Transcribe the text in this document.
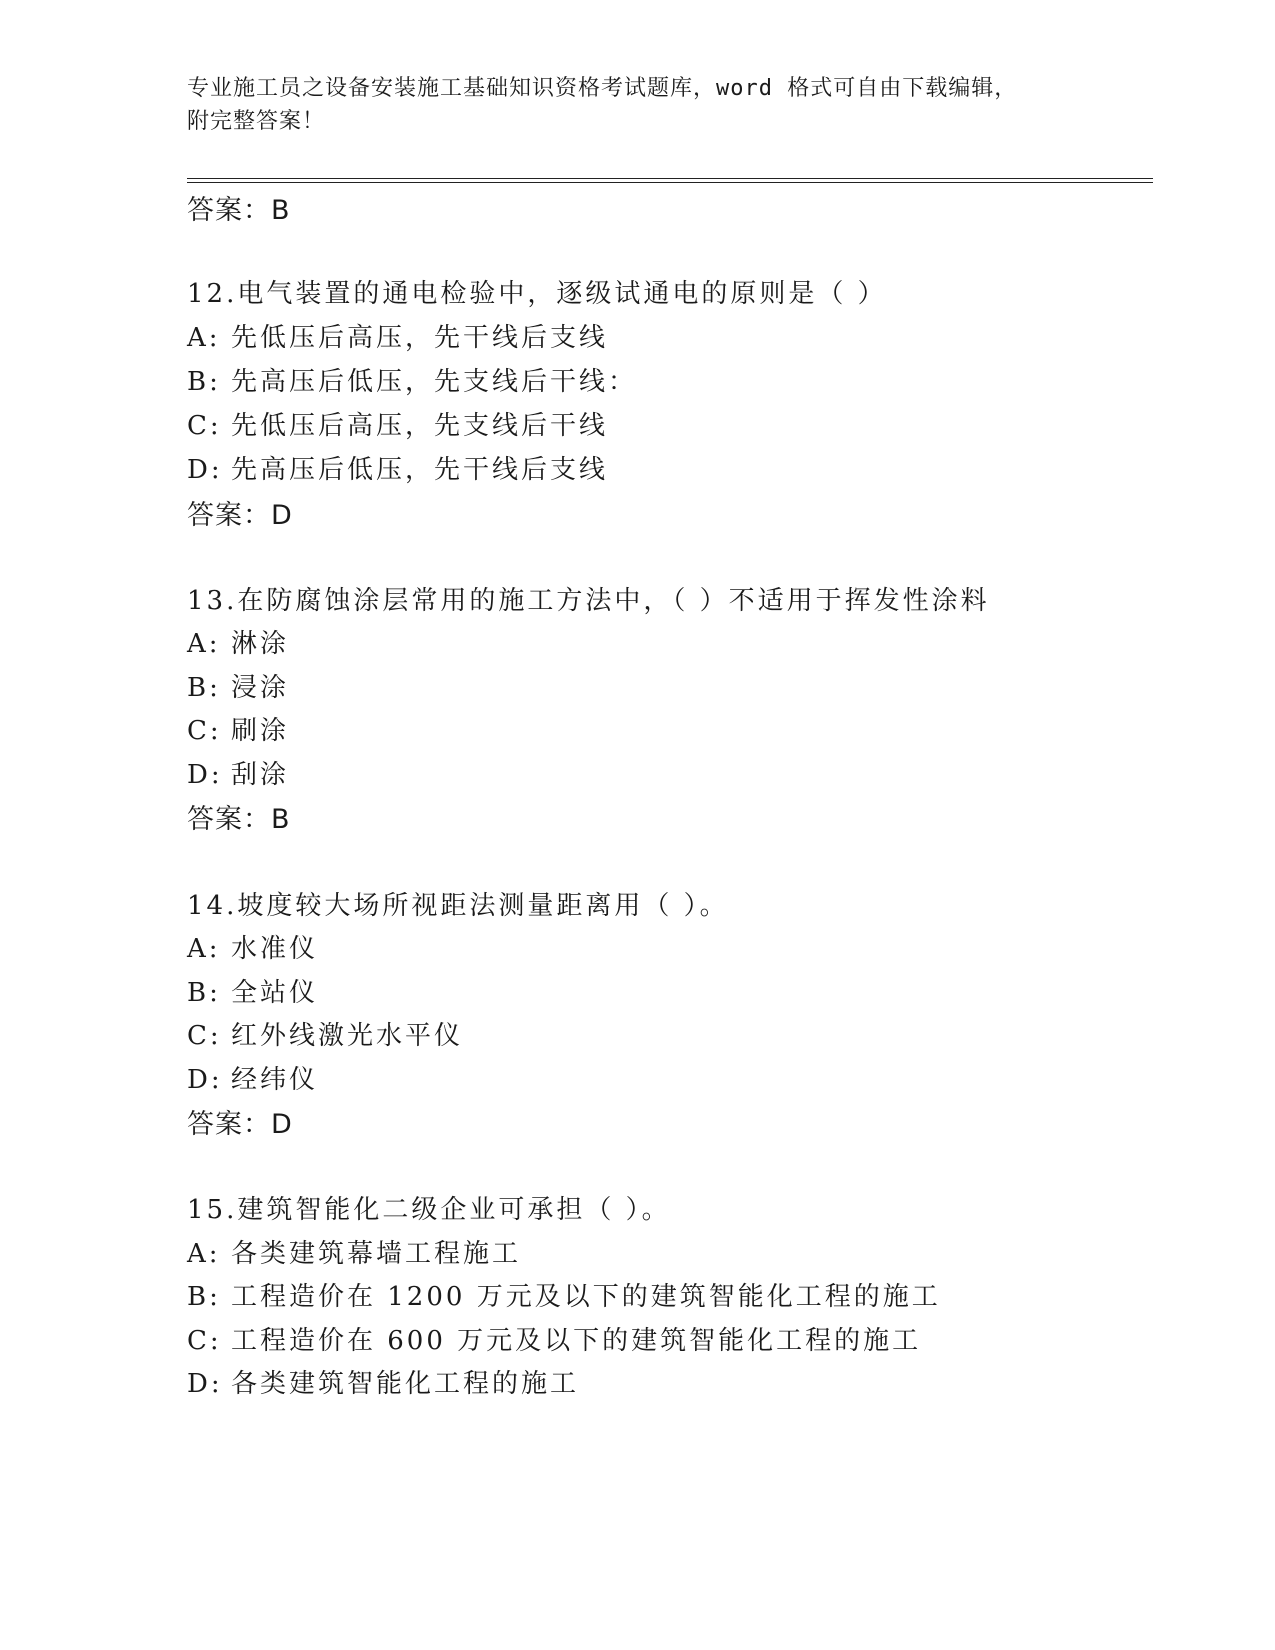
专业施工员之设备安装施工基础知识资格考试题库，word 格式可自由下载编辑，
附完整答案！
答案：B
12.电气装置的通电检验中，逐级试通电的原则是（ ）
A: 先低压后高压，先干线后支线
B: 先高压后低压，先支线后干线：
C: 先低压后高压，先支线后干线
D: 先高压后低压，先干线后支线
答案：D
13.在防腐蚀涂层常用的施工方法中，（ ）不适用于挥发性涂料
A: 淋涂
B: 浸涂
C: 刷涂
D: 刮涂
答案：B
14.坡度较大场所视距法测量距离用（ ）。
A: 水准仪
B: 全站仪
C: 红外线激光水平仪
D: 经纬仪
答案：D
15.建筑智能化二级企业可承担（ ）。
A: 各类建筑幕墙工程施工
B: 工程造价在 1200 万元及以下的建筑智能化工程的施工
C: 工程造价在 600 万元及以下的建筑智能化工程的施工
D: 各类建筑智能化工程的施工
